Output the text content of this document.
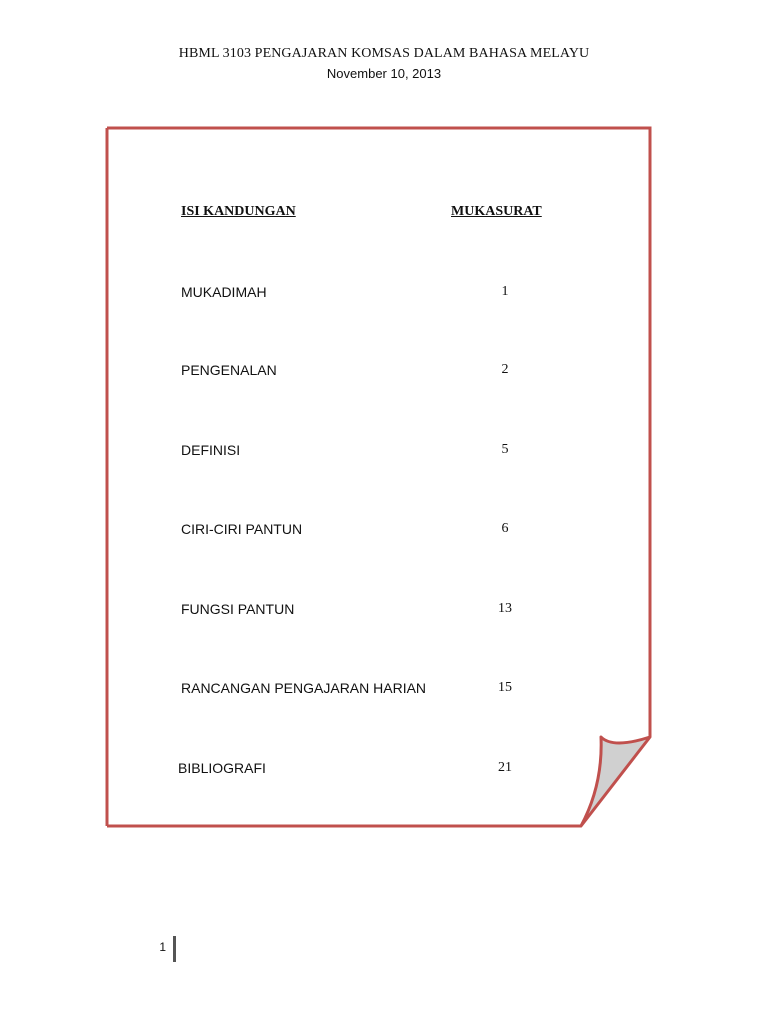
HBML 3103 PENGAJARAN KOMSAS DALAM BAHASA MELAYU
November 10, 2013
ISI KANDUNGAN	MUKASURAT
MUKADIMAH	1
PENGENALAN	2
DEFINISI	5
CIRI-CIRI PANTUN	6
FUNGSI PANTUN	13
RANCANGAN PENGAJARAN HARIAN	15
BIBLIOGRAFI	21
1
